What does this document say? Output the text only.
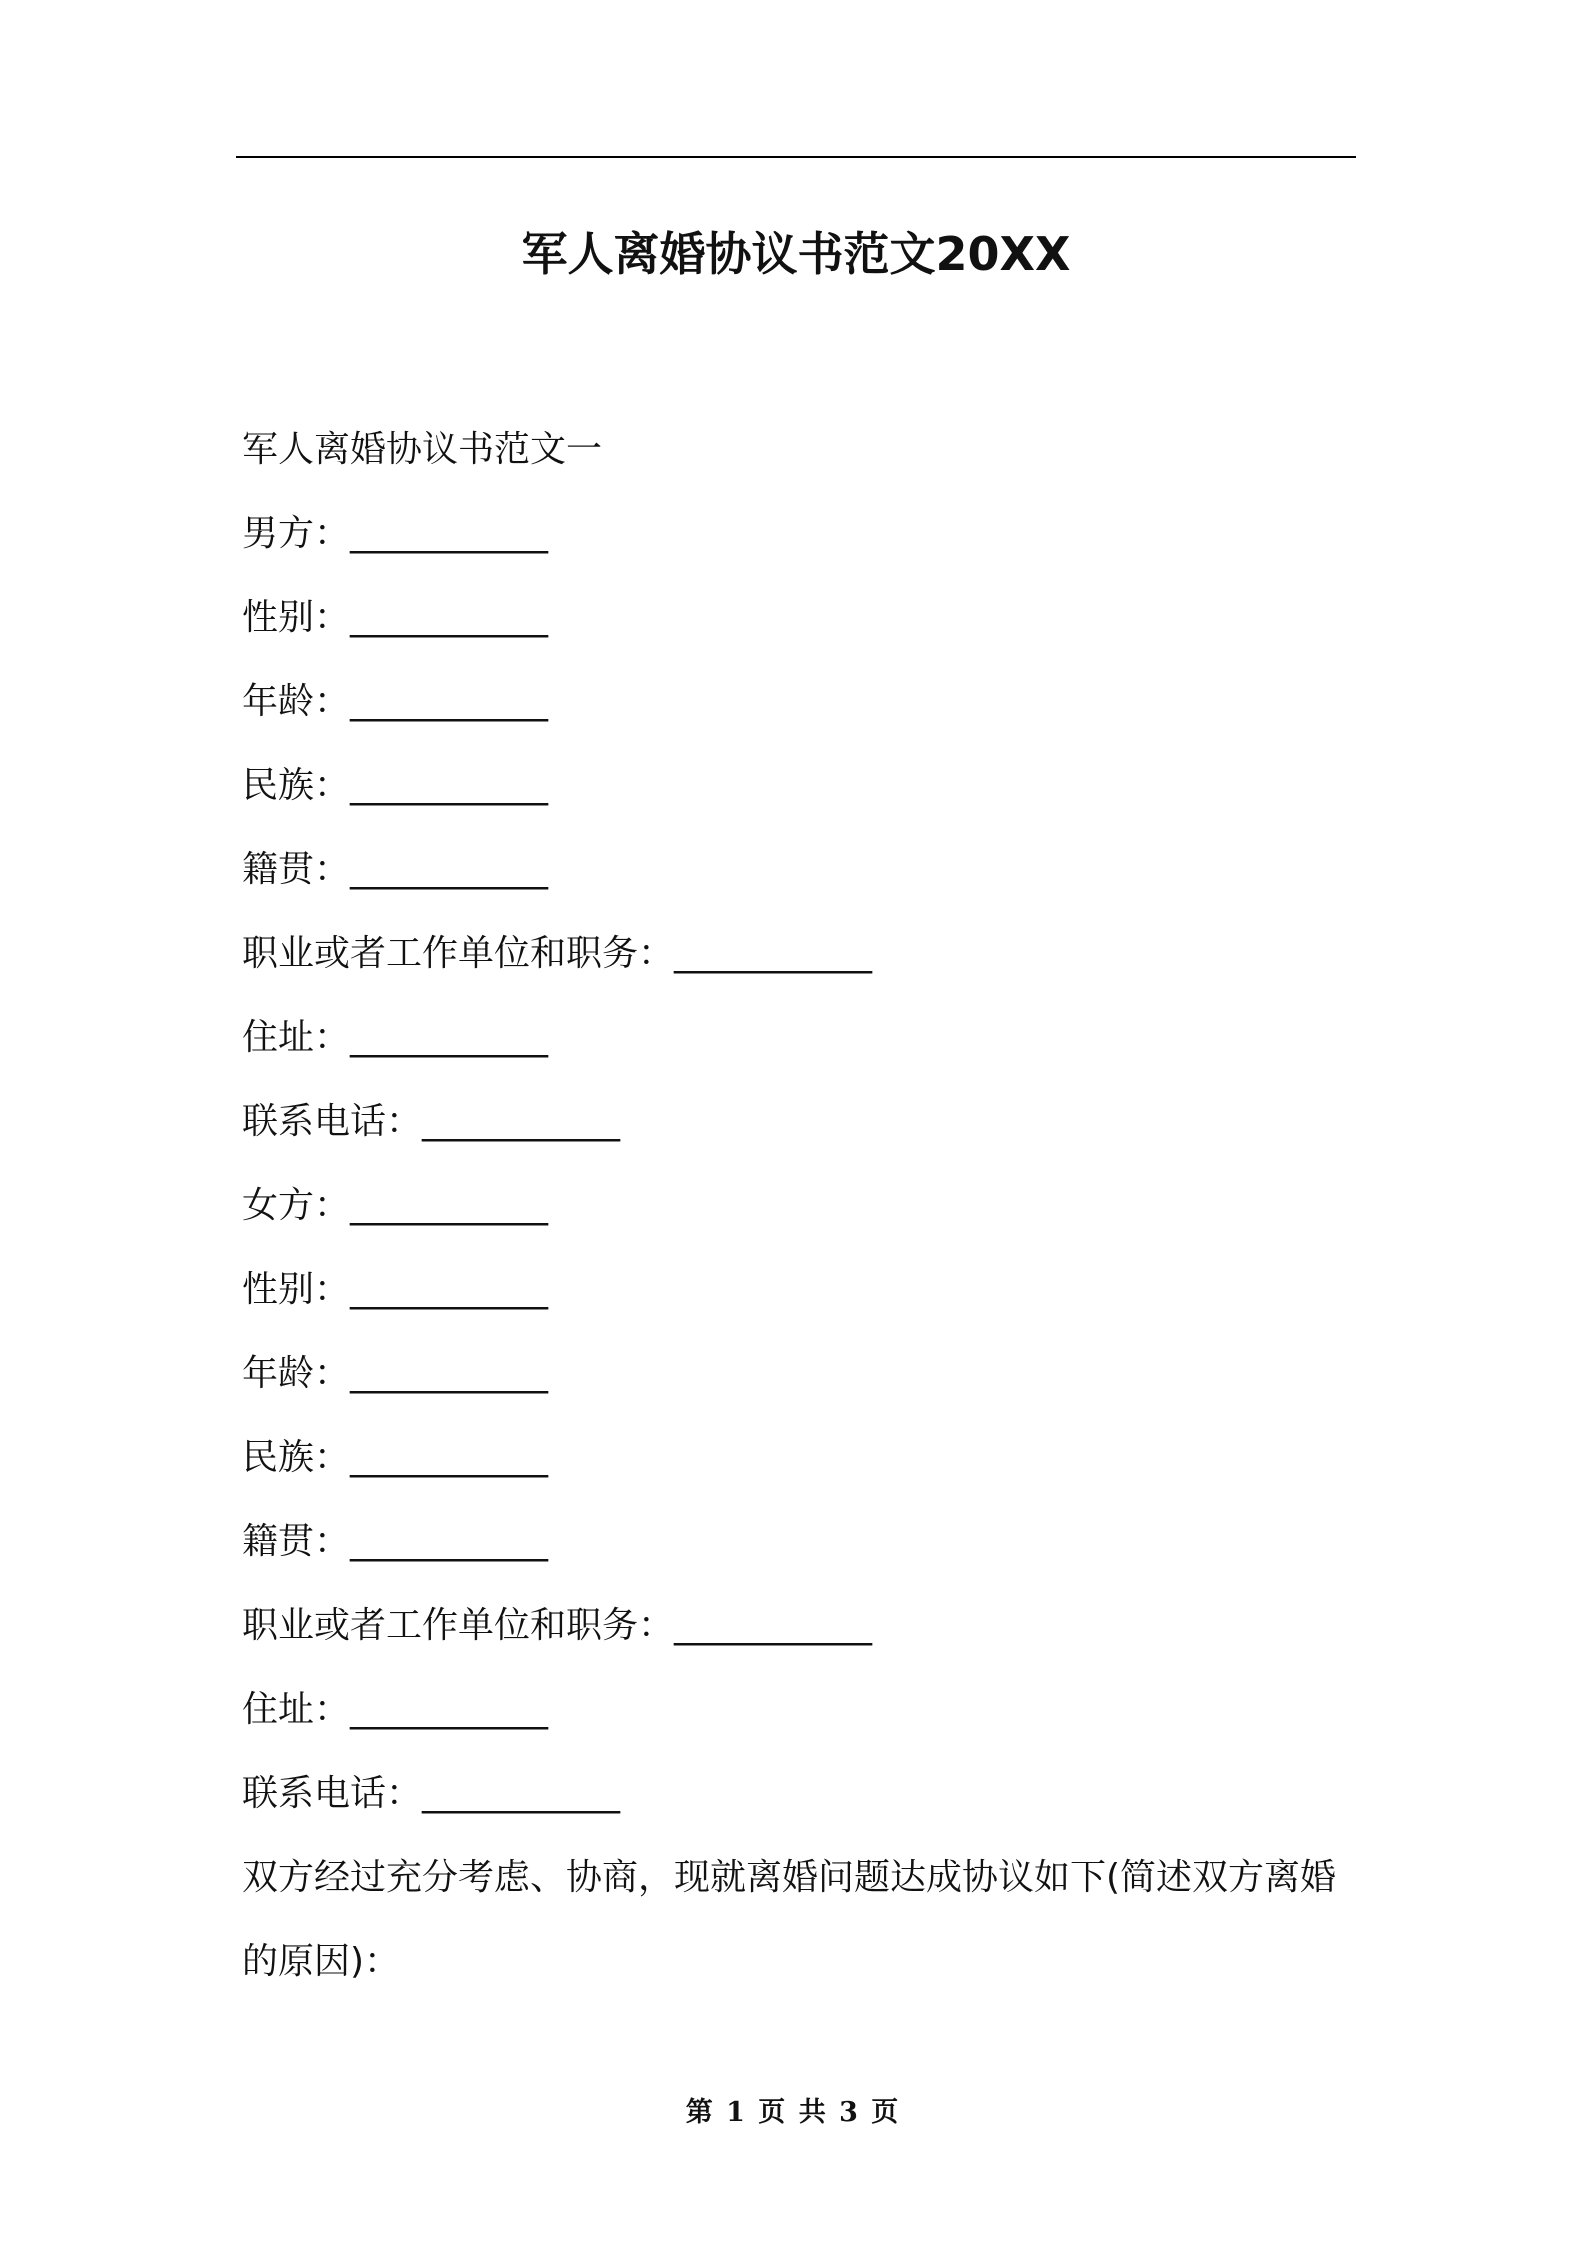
军人离婚协议书范文20XX
军人离婚协议书范文一
男方：___________
性别：___________
年龄：___________
民族：___________
籍贯：___________
职业或者工作单位和职务：___________
住址：___________
联系电话：___________
女方：___________
性别：___________
年龄：___________
民族：___________
籍贯：___________
职业或者工作单位和职务：___________
住址：___________
联系电话：___________
双方经过充分考虑、协商，现就离婚问题达成协议如下(简述双方离婚的原因)：
第 1 页 共 3 页
